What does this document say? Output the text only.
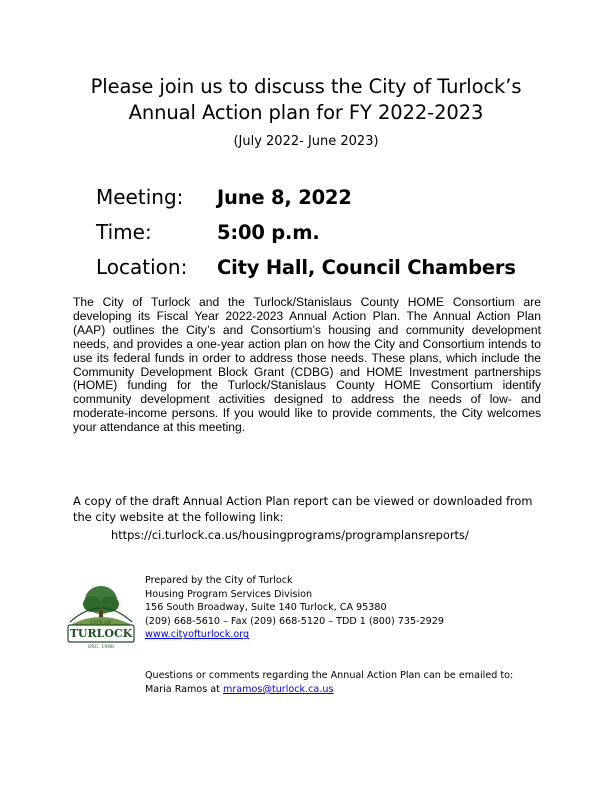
Please join us to discuss the City of Turlock’s
Annual Action plan for FY 2022-2023
(July 2022- June 2023)
Meeting:	June 8, 2022
Time:	5:00 p.m.
Location:	City Hall, Council Chambers

The City of Turlock and the Turlock/Stanislaus County HOME Consortium are developing its Fiscal Year 2022-2023 Annual Action Plan. The Annual Action Plan (AAP) outlines the City’s and Consortium’s housing and community development needs, and provides a one-year action plan on how the City and Consortium intends to use its federal funds in order to address those needs. These plans, which include the Community Development Block Grant (CDBG) and HOME Investment partnerships (HOME) funding for the Turlock/Stanislaus County HOME Consortium identify community development activities designed to address the needs of low- and moderate-income persons. If you would like to provide comments, the City welcomes your attendance at this meeting.

A copy of the draft Annual Action Plan report can be viewed or downloaded from the city website at the following link:
https://ci.turlock.ca.us/housingprograms/programplansreports/
CITY OF
TURLOCK
INC. 1908
Prepared by the City of Turlock
Housing Program Services Division
156 South Broadway, Suite 140 Turlock, CA 95380
(209) 668-5610 – Fax (209) 668-5120 – TDD 1 (800) 735-2929
www.cityofturlock.org
Questions or comments regarding the Annual Action Plan can be emailed to:
Maria Ramos at mramos@turlock.ca.us
